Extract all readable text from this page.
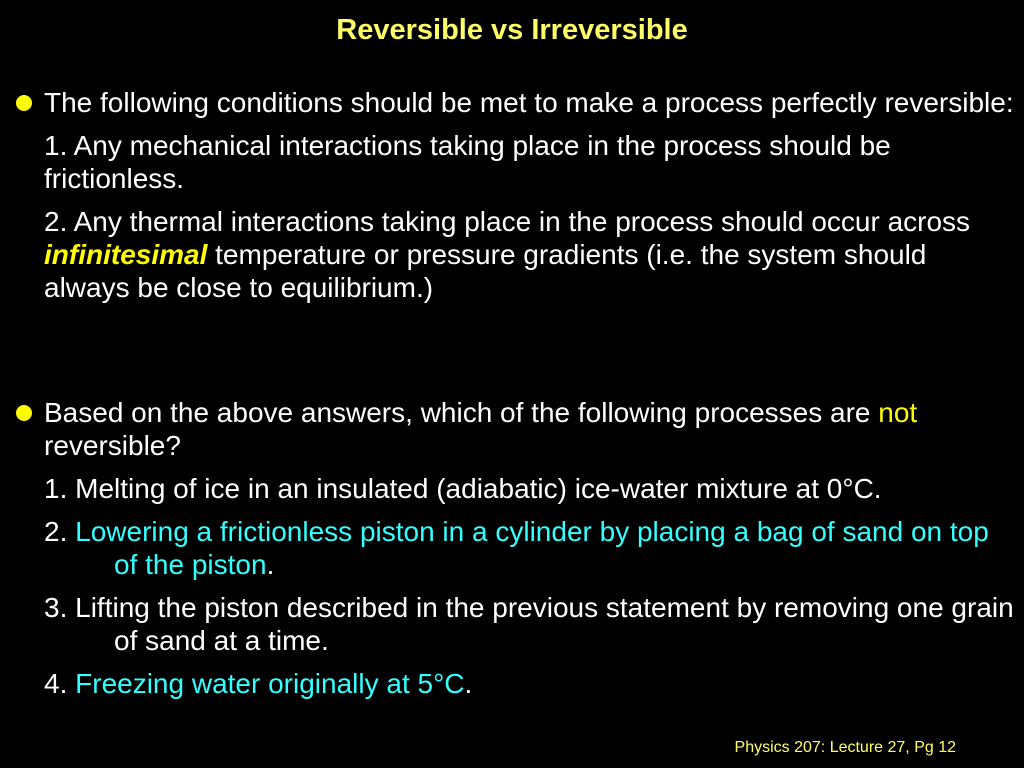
Reversible vs Irreversible

The following conditions should be met to make a process perfectly reversible:

1. Any mechanical interactions taking place in the process should be frictionless.

2. Any thermal interactions taking place in the process should occur across infinitesimal temperature or pressure gradients (i.e. the system should always be close to equilibrium.)

Based on the above answers, which of the following processes are not reversible?

1. Melting of ice in an insulated (adiabatic) ice-water mixture at 0°C.

2. Lowering a frictionless piston in a cylinder by placing a bag of sand on top of the piston.

3. Lifting the piston described in the previous statement by removing one grain of sand at a time.

4. Freezing water originally at 5°C.

Physics 207: Lecture 27, Pg 12
